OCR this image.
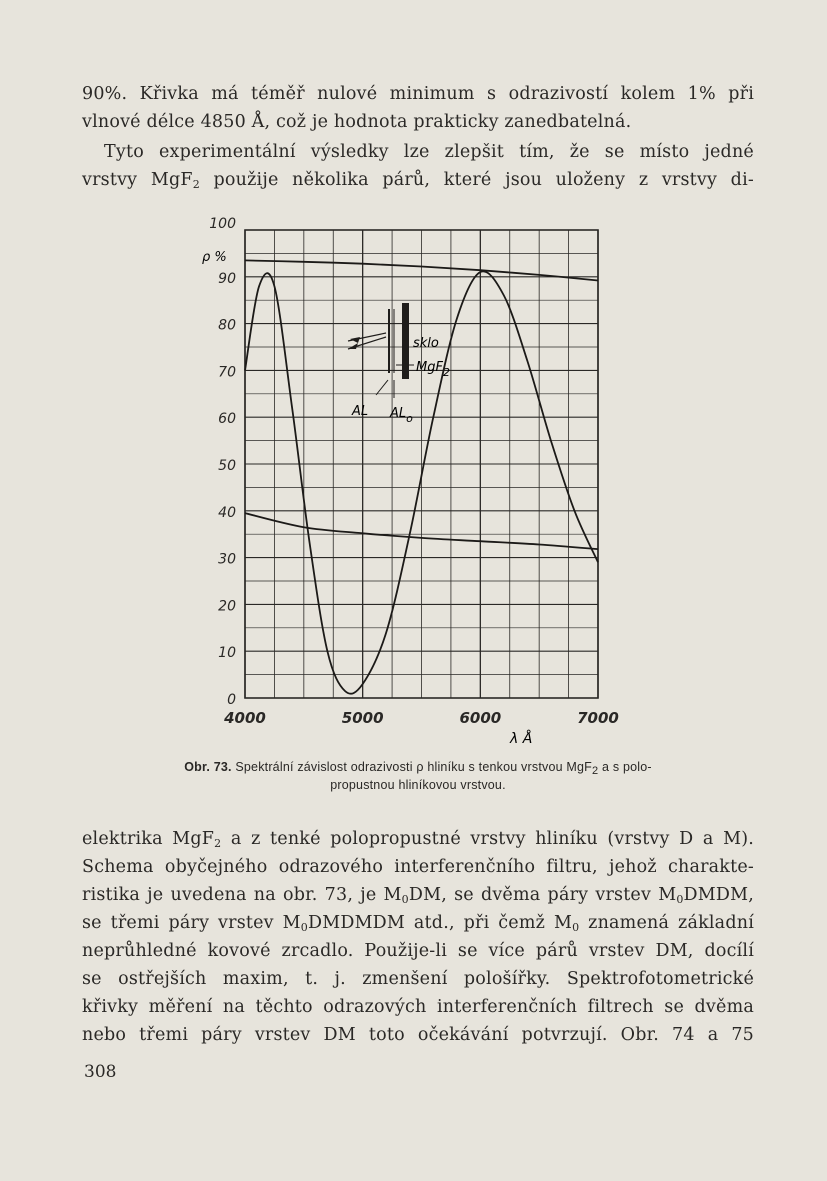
90%. Křivka má téměř nulové minimum s odrazivostí kolem 1% při
vlnové délce 4850 Å, což je hodnota prakticky zanedbatelná.

Tyto experimentální výsledky lze zlepšit tím, že se místo jedné
vrstvy MgF$_2$ použije několika párů, které jsou uloženy z vrstvy di-

0
10
20
30
40
50
60
70
80
90
100
4000	5000	6000	7000
ρ %
λ Å
sklo
MgF$_2$
AL $AL_o$
Obr. 73. Spektrální závislost odrazivosti ρ hliníku s tenkou vrstvou MgF$_2$ a s polo-
propustnou hliníkovou vrstvou.

elektrika MgF$_2$ a z tenké polopropustné vrstvy hliníku (vrstvy D a M).
Schema obyčejného odrazového interferenčního filtru, jehož charakte-
ristika je uvedena na obr. 73, je $M_0DM$, se dvěma páry vrstev $M_0DMDM$,
se třemi páry vrstev $M_0DMDMDM$ atd., při čemž $M_0$ znamená základní
neprůhledné kovové zrcadlo. Použije-li se více párů vrstev DM, docílí
se ostřejších maxim, t. j. zmenšení pološířky. Spektrofotometrické
křivky měření na těchto odrazových interferenčních filtrech se dvěma
nebo třemi páry vrstev DM toto očekávání potvrzují. Obr. 74 a 75

308
